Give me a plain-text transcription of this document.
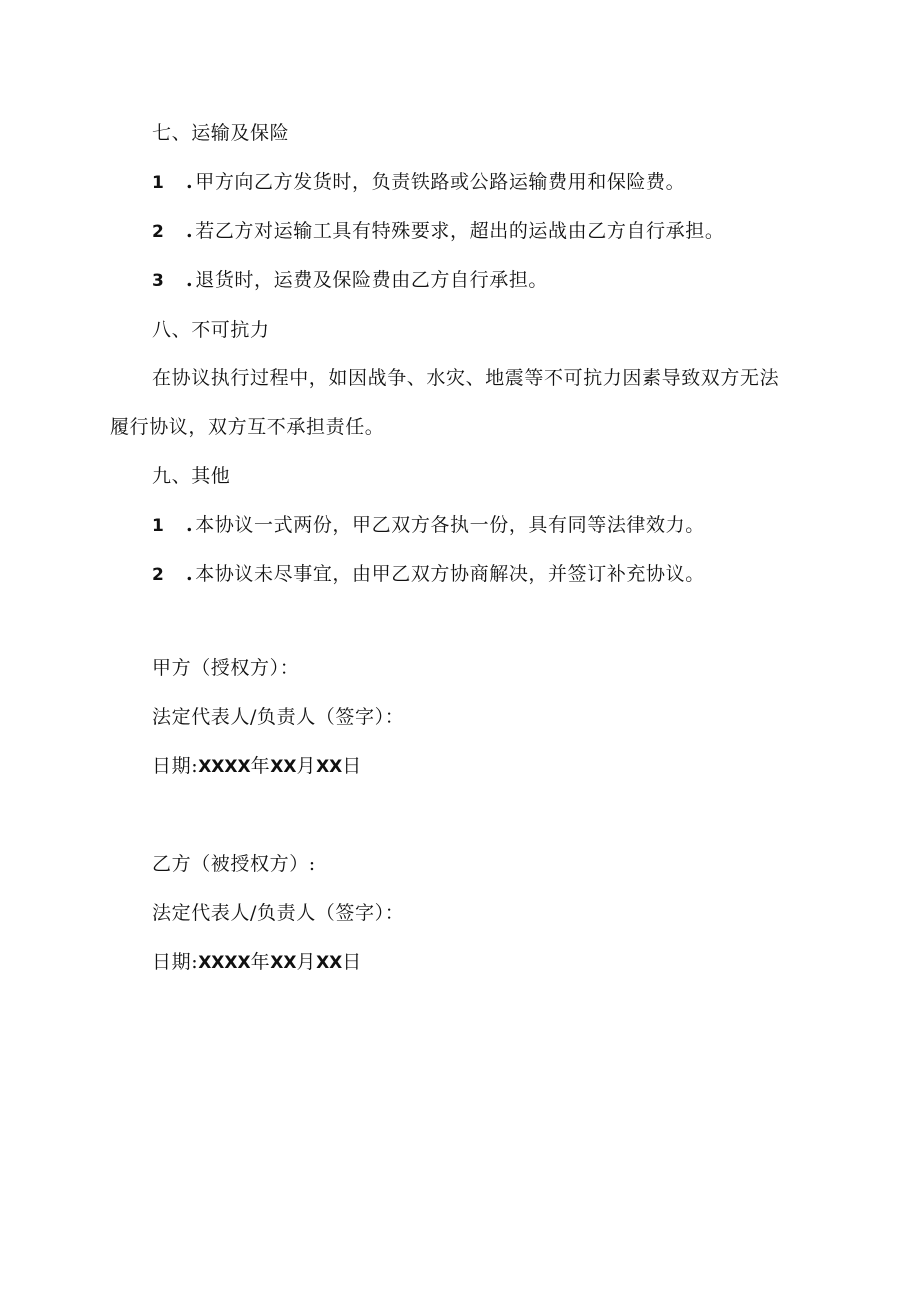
七、运输及保险
1 . 甲方向乙方发货时，负责铁路或公路运输费用和保险费。
2 . 若乙方对运输工具有特殊要求，超出的运战由乙方自行承担。
3 . 退货时，运费及保险费由乙方自行承担。
八、不可抗力
在协议执行过程中，如因战争、水灾、地震等不可抗力因素导致双方无法
履行协议，双方互不承担责任。
九、其他
1 . 本协议一式两份，甲乙双方各执一份，具有同等法律效力。
2 . 本协议未尽事宜，由甲乙双方协商解决，并签订补充协议。
甲方（授权方）：
法定代表人/负责人（签字）：
日期:XXXX年XX月XX日
乙方（被授权方）:
法定代表人/负责人（签字）：
日期:XXXX年XX月XX日
